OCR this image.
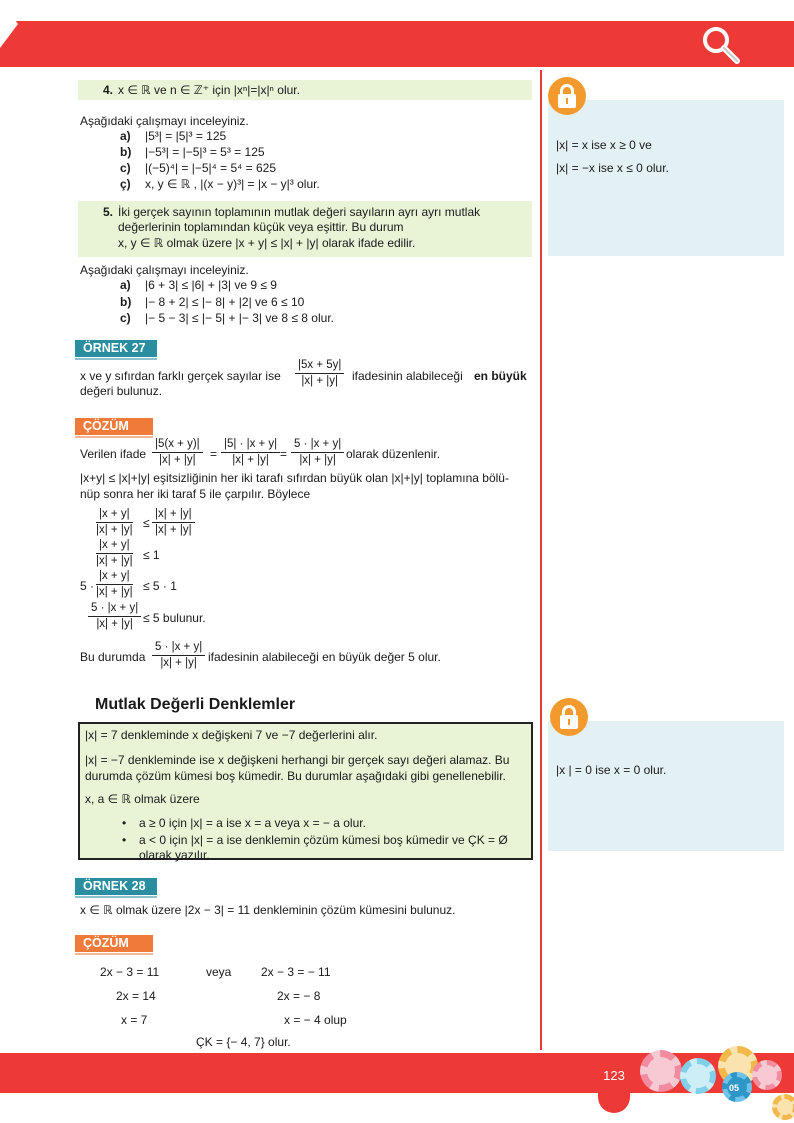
4. x ∈ ℝ ve n ∈ ℤ⁺ için |xⁿ|=|x|ⁿ olur.
Aşağıdaki çalışmayı inceleyiniz.
a) |5³| = |5|³ = 125
b) |−5³| = |−5|³ = 5³ = 125
c) |(−5)⁴| = |−5|⁴ = 5⁴ = 625
ç) x, y ∈ ℝ , |(x − y)³| = |x − y|³ olur.
5. İki gerçek sayının toplamının mutlak değeri sayıların ayrı ayrı mutlak
değerlerinin toplamından küçük veya eşittir. Bu durum
x, y ∈ ℝ olmak üzere |x + y| ≤ |x| + |y| olarak ifade edilir.
Aşağıdaki çalışmayı inceleyiniz.
a) |6 + 3| ≤ |6| + |3| ve 9 ≤ 9
b) |− 8 + 2| ≤ |− 8| + |2| ve 6 ≤ 10
c) |− 5 − 3| ≤ |− 5| + |− 3| ve 8 ≤ 8 olur.
ÖRNEK 27
x ve y sıfırdan farklı gerçek sayılar ise $\frac{|5x + 5y|}{|x| + |y|}$ ifadesinin alabileceği en büyük
değeri bulunuz.
ÇÖZÜM
Verilen ifade $\frac{|5(x + y)|}{|x| + |y|} = \frac{|5| \cdot |x + y|}{|x| + |y|} = \frac{5 \cdot |x + y|}{|x| + |y|}$ olarak düzenlenir.
|x+y| ≤ |x|+|y| eşitsizliğinin her iki tarafı sıfırdan büyük olan |x|+|y| toplamına bölü-
nüp sonra her iki taraf 5 ile çarpılır. Böylece
$\frac{|x + y|}{|x| + |y|} \le \frac{|x| + |y|}{|x| + |y|}$
$\frac{|x + y|}{|x| + |y|} \le 1$
5 ·
$\frac{|x + y|}{|x| + |y|} \le 5 \cdot 1$
$\frac{5 \cdot |x + y|}{|x| + |y|} \le 5$ bulunur.
Bu durumda $\frac{5 \cdot |x + y|}{|x| + |y|}$ ifadesinin alabileceği en büyük değer 5 olur.
Mutlak Değerli Denklemler
|x| = 7 denkleminde x değişkeni 7 ve −7 değerlerini alır.
|x| = −7 denkleminde ise x değişkeni herhangi bir gerçek sayı değeri alamaz. Bu
durumda çözüm kümesi boş kümedir. Bu durumlar aşağıdaki gibi genellenebilir.
x, a ∈ ℝ olmak üzere
• a ≥ 0 için |x| = a ise x = a veya x = − a olur.
• a < 0 için |x| = a ise denklemin çözüm kümesi boş kümedir ve ÇK = Ø
olarak yazılır.
ÖRNEK 28
x ∈ ℝ olmak üzere |2x − 3| = 11 denkleminin çözüm kümesini bulunuz.
ÇÖZÜM
2x − 3 = 11	veya 2x − 3 = − 11
2x = 14	2x = − 8
x = 7	x = − 4 olup
ÇK = {− 4, 7} olur.
|x| = x ise x ≥ 0 ve
|x| = −x ise x ≤ 0 olur.
|x | = 0 ise x = 0 olur.
123
05
